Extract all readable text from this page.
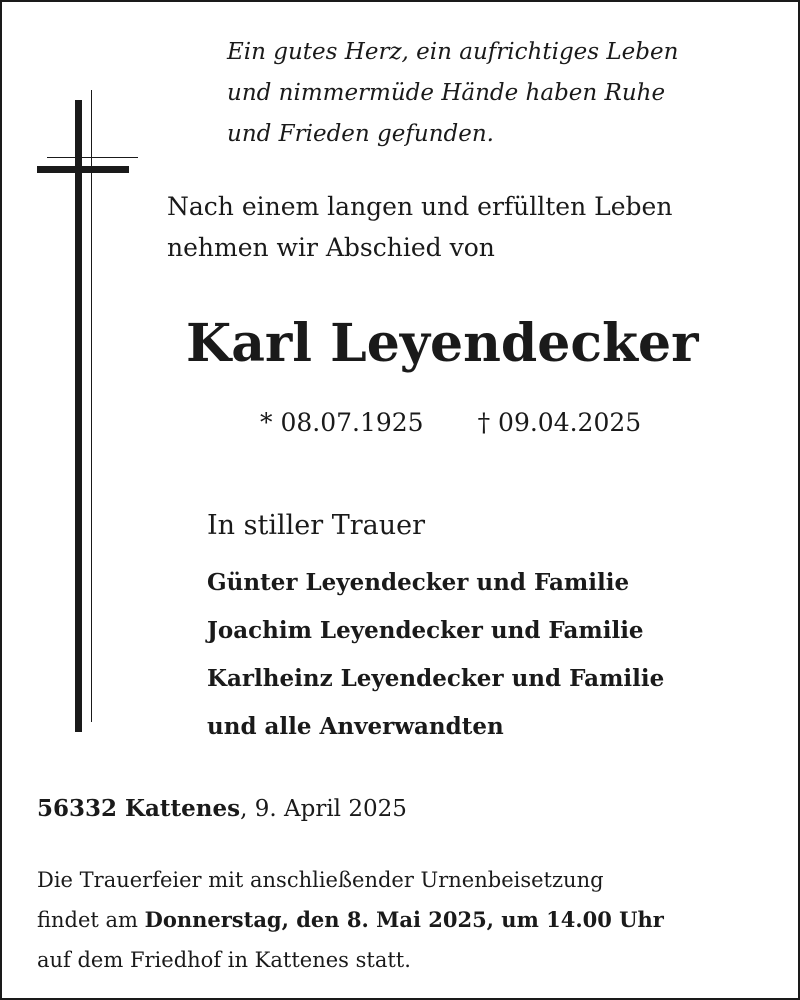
Ein gutes Herz, ein aufrichtiges Leben
und nimmermüde Hände haben Ruhe
und Frieden gefunden.
Nach einem langen und erfüllten Leben
nehmen wir Abschied von
Karl Leyendecker
* 08.07.1925 † 09.04.2025
In stiller Trauer
Günter Leyendecker und Familie
Joachim Leyendecker und Familie
Karlheinz Leyendecker und Familie
und alle Anverwandten
56332 Kattenes, 9. April 2025
Die Trauerfeier mit anschließender Urnenbeisetzung
findet am Donnerstag, den 8. Mai 2025, um 14.00 Uhr
auf dem Friedhof in Kattenes statt.
